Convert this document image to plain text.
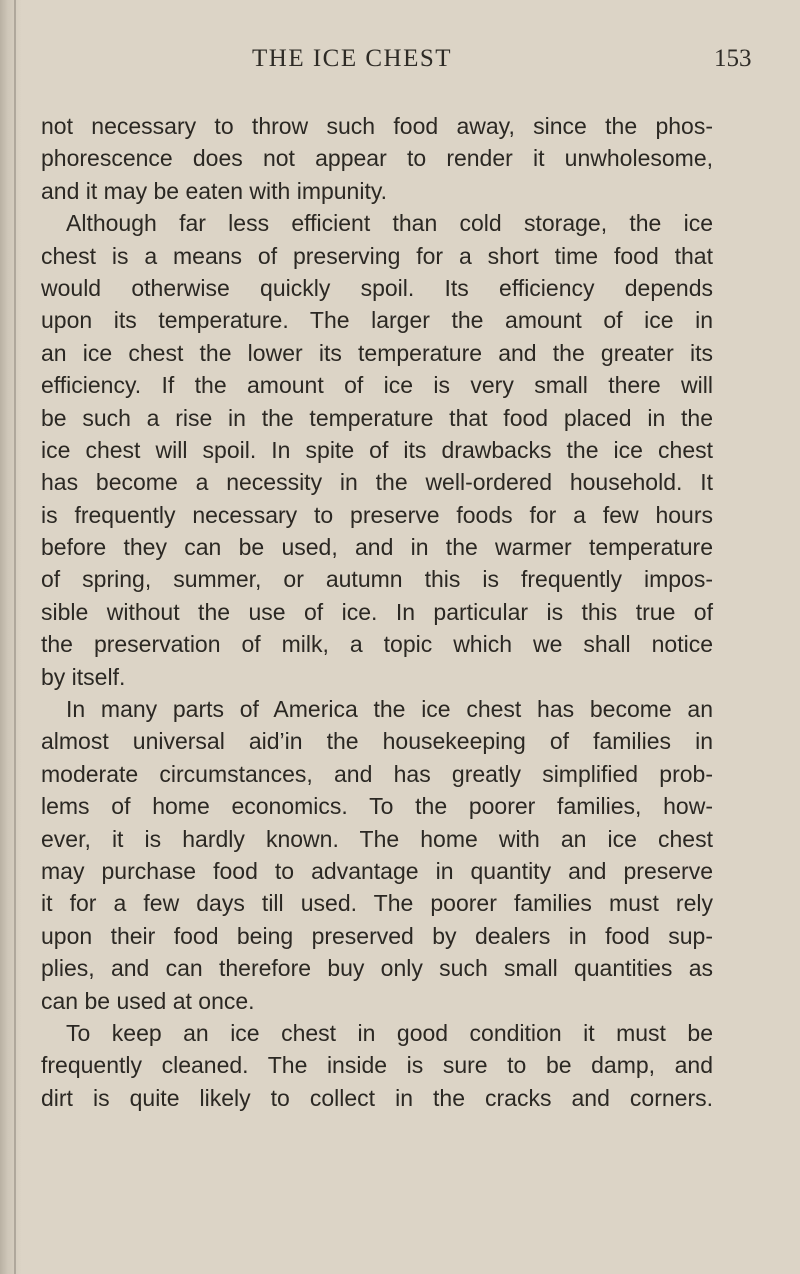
THE ICE CHEST	153
not necessary to throw such food away, since the phos-
phorescence does not appear to render it unwholesome,
and it may be eaten with impunity.
Although far less efficient than cold storage, the ice
chest is a means of preserving for a short time food that
would otherwise quickly spoil. Its efficiency depends
upon its temperature. The larger the amount of ice in
an ice chest the lower its temperature and the greater its
efficiency. If the amount of ice is very small there will
be such a rise in the temperature that food placed in the
ice chest will spoil. In spite of its drawbacks the ice chest
has become a necessity in the well-ordered household. It
is frequently necessary to preserve foods for a few hours
before they can be used, and in the warmer temperature
of spring, summer, or autumn this is frequently impos-
sible without the use of ice. In particular is this true of
the preservation of milk, a topic which we shall notice
by itself.
In many parts of America the ice chest has become an
almost universal aid’in the housekeeping of families in
moderate circumstances, and has greatly simplified prob-
lems of home economics. To the poorer families, how-
ever, it is hardly known. The home with an ice chest
may purchase food to advantage in quantity and preserve
it for a few days till used. The poorer families must rely
upon their food being preserved by dealers in food sup-
plies, and can therefore buy only such small quantities as
can be used at once.
To keep an ice chest in good condition it must be
frequently cleaned. The inside is sure to be damp, and
dirt is quite likely to collect in the cracks and corners.
